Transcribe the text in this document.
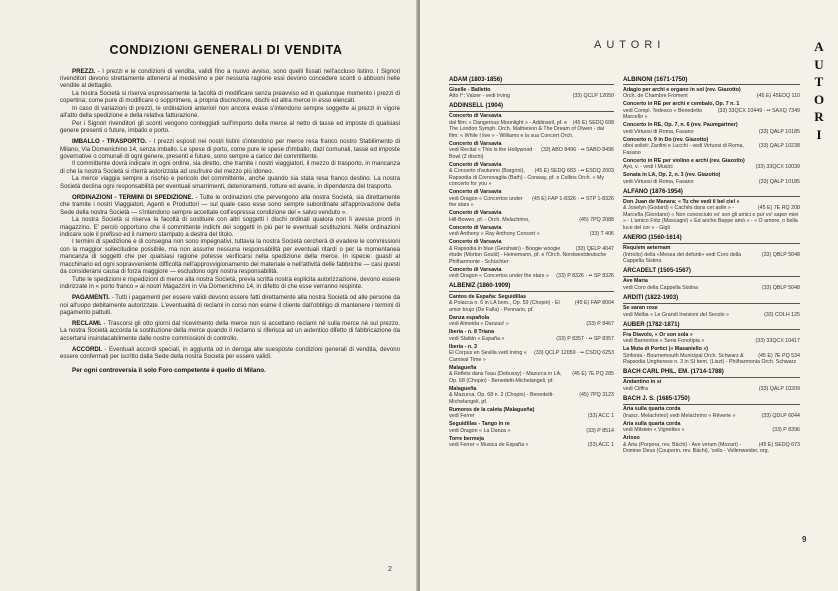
CONDIZIONI GENERALI DI VENDITA

PREZZI. - I prezzi e le condizioni di vendita, validi fino a nuovo avviso, sono quelli fissati nell'accluso listino. I Signori rivenditori devono strettamente attenersi al medesimo e per nessuna ragione essi devono concedere sconti o abbuoni nelle vendite al dettaglio.

La nostra Società si riserva espressamente la facoltà di modificare senza preavviso ed in qualunque momento i prezzi di copertina; come pure di modificare o sopprimere, a propria discrezione, dischi ed altra merce in esso elencati.

In caso di variazioni di prezzi, le ordinazioni anteriori non ancora evase s'intendono sempre soggette ai prezzi in vigore all'atto della spedizione e della relativa fatturazione.

Per i Signori rivenditori gli sconti vengono conteggiati sull'importo della merce al netto di tasse ed imposte di qualsiasi genere presenti o future, imballo e porto.

IMBALLO - TRASPORTO. - I prezzi esposti nei nostri listini s'intendono per merce resa franco nostro Stabilimento di Milano, Via Domenichino 14, senza imballo. Le spese di porto, come pure le spese d'imballo, dazi comunali, tasse ed imposte governative o comunali di ogni genere, presenti e future, sono sempre a carico del committente.

Il committente dovrà indicare in ogni ordine, sia diretto, che tramite i nostri viaggiatori, il mezzo di trasporto, in mancanza di che la nostra Società si riterrà autorizzata ad usufruire del mezzo più idoneo.

La merce viaggia sempre a rischio e pericolo del committente, anche quando sia stata resa franco destino. La nostra Società declina ogni responsabilità per eventuali smarrimenti, deterioramenti, rotture ed avarie, in dipendenza del trasporto.

ORDINAZIONI - TERMINI DI SPEDIZIONE. - Tutte le ordinazioni che pervengono alla nostra Società, sia direttamente che tramite i nostri Viaggiatori, Agenti e Produttori — sul quale caso esse sono sempre subordinate all'approvazione della Sede della nostra Società — s'intendono sempre accettate coll'espressa condizione del « salvo venduto ».

La nostra Società si riserva la facoltà di sostituire con altri soggetti i dischi ordinati qualora non li avesse pronti in magazzino. E' perciò opportuno che il committente indichi dei soggetti in più per le eventuali sostituzioni. Nelle ordinazioni indicare sole il prefisso ed il numero stampato a destra del titolo.

I termini di spedizione e di consegna non sono impegnativi, tuttavia la nostra Società cercherà di evadere le commissioni con la maggior sollecitudine possibile, ma non assume nessuna responsabilità per eventuali ritardi o per la momentanea mancanza di soggetti che per qualsiasi ragione potesse verificarsi nella spedizione della merce. In ispecie: guasti al macchinario ed ogni sopravveniente difficoltà nell'approvvigionamento del materiale e nell'attività delle fabbriche — casi questi da considerarsi causa di forza maggiore — escludono ogni nostra responsabilità.

Tutte le spedizioni e rispedizioni di merce alla nostra Società, previa scritta nostra esplicita autorizzazione, devono essere indirizzate in « porto franco » ai nostri Magazzini in Via Domenichino 14, in difetto di che esse verranno respinte.

PAGAMENTI. - Tutti i pagamenti per essere validi devono essere fatti direttamente alla nostra Società od alle persone da noi all'uopo debitamente autorizzate. L'eventualità di reclami in corso non esime il cliente dall'obbligo di mantenere i termini di pagamento pattuiti.

RECLAMI. - Trascorsi gli otto giorni dal ricevimento della merce non si accettano reclami né sulla merce né sul prezzo. La nostra Società accorda la sostituzione della merce quando il reclamo si riferisca ad un autentico difetto di fabbricazione da accertarsi insindacabilmente dalle nostre commissioni di controllo.

ACCORDI. - Eventuali accordi speciali, in aggiunta od in deroga alle suesposte condizioni generali di vendita, devono essere confermati per iscritto dalla Sede della nostra Società per essere validi.

Per ogni controversia il solo Foro competente è quello di Milano.
2
AUTORI	A
U
T
O
R
I
ADAM (1803-1856)
Giselle - Balletto
(33) QCLP 12050
Atto I°; Valzer - vedi Irving
ADDINSELL (1904)
Concerto di Varsavia
(45 E) SEDQ 608
dal film: « Dangerous Moonlight » - Addinsell, pf. e The London Symph. Orch. Mathieson & The Dream of Olwen - dal film: « While I live » - Williams e la sua Concert Orch.
Concerto di Varsavia
(33) ABO 8496 · •• SABO 8496
vedi Recital « This is the Hollywood Bowl (2 dischi)
Concerto di Varsavia
(45 E) SEDQ 683 · •• ESDQ 2003
& Concerto d'autunno (Bargoni), Rapsodia di Cornovaglia (Bath) - Conway, pf. e Collins Orch. « My concerto for you »
Concerto di Varsavia
(45 E) FAP 1-8326 · •• STP 1-8326
vedi Dragon « Concertos under the stars »
Concerto di Varsavia
(45) 7PQ 2088
Hill-Bowen, pf. - Orch. Melachrino,
Concerto di Varsavia
(33) T 406
vedi Anthony « Ray Anthony Concert »
Concerto di Varsavia
(33) QELP 4047
& Rapsodia in blue (Gershwin) - Boogie woogie étude (Morton Gould) - Heinemann, pf. e l'Orch. Nordwestdeutsche Philharmonie - Schüchter
Concerto di Varsavia
(33) P 8326 · •• SP 8326
vedi Dragon « Concertos under the stars »
ALBENIZ (1860-1909)
Cantos de España: Seguidillas
(45 E) FAP 8004
& Polacca n. 6 in LA bem., Op. 53 (Chopin) - El amor brujo (De Falla) - Pennario, pf.
Danza española
(33) P 8467
vedi Almeida « Danzas! »
Iberia - n. 8 Triana
(33) P 8357 · •• SP 8357
vedi Slatkin « España »
Iberia - n. 3
(33) QCLP 12059 · •• CSDQ 6253
El Corpus en Sevilla vedi Irving « Carnival Time »
Malagueña
(45 E) 7E PQ 285
& Reflets dans l'eau (Debussy) - Mazurca in LA, Op. 68 (Chopin) - Benedetti-Michelangeli, pf.
Malagueña
(45) 7PQ 3123
& Mazurca, Op. 68 n. 2 (Chopin) - Benedetti-Michelangeli, pf.
Rumores de la caleta (Malagueña)
(33) ACC 1
vedi Ferrer
Seguidillas - Tango in re
(33) P 8514
vedi Dragon « La Danza »
Torre bermeja
(33) ACC 1
vedi Ferrer « Musica de España »
ALBINONI (1671-1750)
Adagio per archi e organo in sol (rev. Giazotto)
(45 E) 45EDQ 110
Orch. de Chambre Froment
Concerto in RE per archi e cembalo, Op. 7 n. 1
(33) 33QCX 10449 · •• SAXQ 7349
vedi Compl. Tedesco « Benedetto Marcello »
Concerto in RE, Op. 7, n. 6 (rev. Paumgartner)
(33) QALP 10185
vedi Virtuosi di Roma, Fasano
Concerto n. 9 in Do (rev. Giazotto)
(33) QALP 10238
oboi solisti: Zanfini e Lucchi - vedi Virtuosi di Roma, Fasano
Concerto in RE per violino e archi (rev. Giazotto)
(33) 33QCX 10039
Ayo, v. - vedi I Musici
Sonata in LA, Op. 2, n. 3 (rev. Giazotto)
(33) QALP 10185
vedi Virtuosi di Roma, Fasano
ALFANO (1876-1954)
Don Juan de Manara: « Tu che vedi il bel ciel »
(45 E) 7E RQ 208
& Joselyn (Godard) « Cachés dans cet asile » - Marcella (Giordano) « Non conosciuto vo' son gli amici e pur vo' sapor miei » - L'amico Fritz (Mascagni) « Ed anche Beppe amò » - « O amore, o bella luce del cor » - Gigli
ANERIO (1560-1614)
Requiem aeternam
(33) QBLP 5048
(Introito) della «Messa dei defunti» vedi Coro della Cappella Sistina
ARCADELT (1505-1567)
Ave Maria
(33) QBLP 5048
vedi Coro della Cappella Sistina
ARDITI (1822-1903)
Se saran rose
(33) COLH 125
vedi Melba « Le Grandi Invisioni del Secolo »
AUBER (1782-1871)
Fra Diavolo, « Or son sola »
(33) 33QCX 10417
vedi Barrientos « Serie Fonotipia »
La Muta di Portici (« Masaniello »)
(45 E) 7E PQ 534
Sinfonia - Bournemouth Municipal Orch. Schwarz & Rapsodia Ungherese n. 3 in SI bem. (Liszt) - Philharmonia Orch. Schwarz
BACH CARL PHIL. EM. (1714-1788)
Andantino in si
(33) QALP 10209
vedi Ciiffra
BACH J. S. (1685-1750)
Aria sulla quarta corda
(33) QDLP 6044
(trascr. Melachrino) vedi Melachrino « Rêverie »
Aria sulla quarta corda
(33) P 8396
vedi Milstein « Vignettes »
Arioso
(45 E) SEDQ 673
& Aria (Porpora, rev. Bächi) - Ave verum (Mozart) - Domine Deus (Couperin, rev. Bächi), 'cello - Vollenweider, org.
9
